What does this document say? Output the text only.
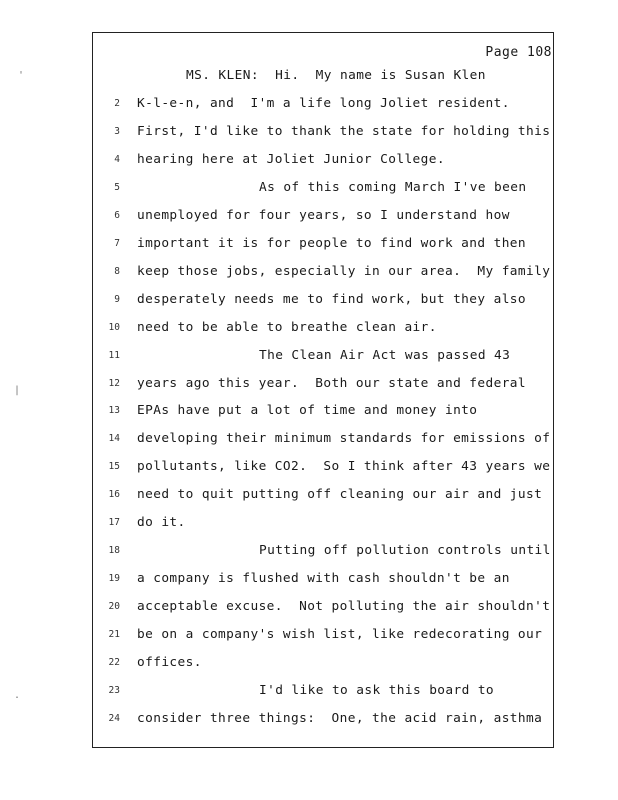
Page 108
'
|
.
MS. KLEN:  Hi.  My name is Susan Klen
2 K-l-e-n, and  I'm a life long Joliet resident.
3 First, I'd like to thank the state for holding this
4 hearing here at Joliet Junior College.
5	As of this coming March I've been
6 unemployed for four years, so I understand how
7 important it is for people to find work and then
8 keep those jobs, especially in our area.  My family
9 desperately needs me to find work, but they also
10 need to be able to breathe clean air.
11	The Clean Air Act was passed 43
12 years ago this year.  Both our state and federal
13 EPAs have put a lot of time and money into
14 developing their minimum standards for emissions of
15 pollutants, like CO2.  So I think after 43 years we
16 need to quit putting off cleaning our air and just
17 do it.
18	Putting off pollution controls until
19 a company is flushed with cash shouldn't be an
20 acceptable excuse.  Not polluting the air shouldn't
21 be on a company's wish list, like redecorating our
22 offices.
23	I'd like to ask this board to
24 consider three things:  One, the acid rain, asthma
